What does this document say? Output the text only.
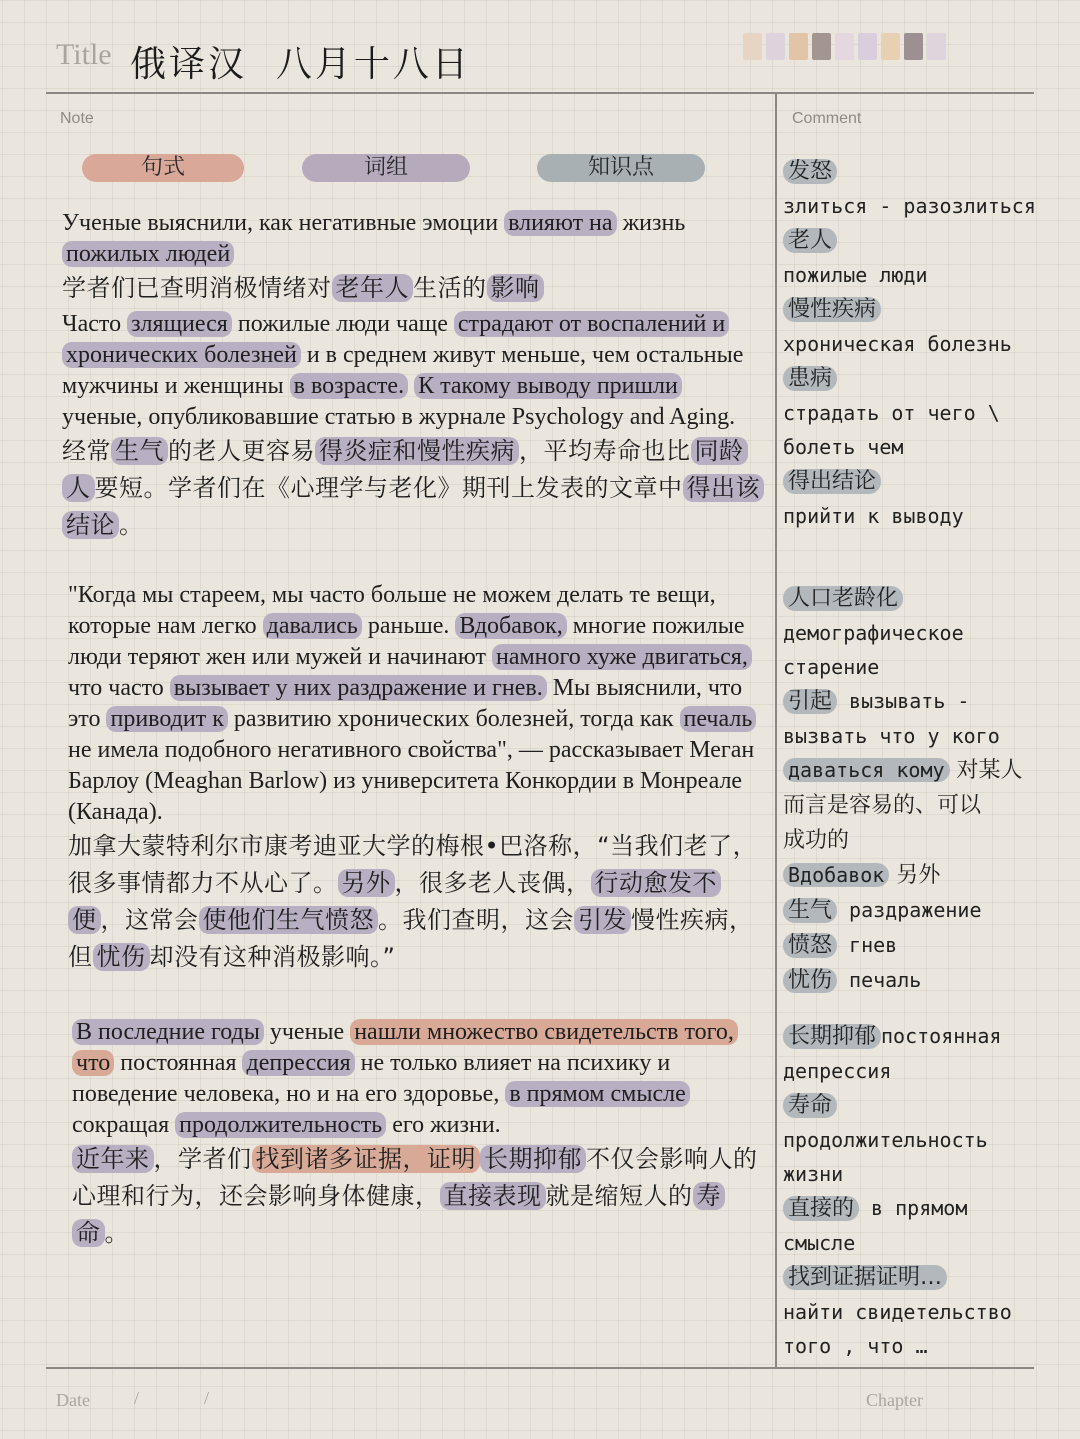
Title 俄译汉  八月十八日
Note	Comment
句式	词组	知识点

Ученые выяснили, как негативные эмоции влияют на жизнь пожилых людей

学者们已查明消极情绪对 老年人 生活的 影响

Часто злящиеся пожилые люди чаще страдают от воспалений и хронических болезней и в среднем живут меньше, чем остальные мужчины и женщины в возрасте. К такому выводу пришли ученые, опубликовавшие статью в журнале Psychology and Aging.

经常 生气 的老人更容易 得炎症和慢性疾病 ，平均寿命也比 同龄人 要短。学者们在《心理学与老化》期刊上发表的文章中 得出该结论 。

"Когда мы стареем, мы часто больше не можем делать те вещи, которые нам легко давались раньше. Вдобавок, многие пожилые люди теряют жен или мужей и начинают намного хуже двигаться, что часто вызывает у них раздражение и гнев. Мы выяснили, что это приводит к развитию хронических болезней, тогда как печаль не имела подобного негативного свойства", — рассказывает Меган Барлоу (Meaghan Barlow) из университета Конкордии в Монреале (Канада).

加拿大蒙特利尔市康考迪亚大学的梅根•巴洛称，“当我们老了，很多事情都力不从心了。 另外 ，很多老人丧偶， 行动愈发不便 ，这常会 使他们生气愤怒 。我们查明，这会 引发 慢性疾病，但 忧伤 却没有这种消极影响。”

В последние годы ученые нашли множество свидетельств того, что постоянная депрессия не только влияет на психику и поведение человека, но и на его здоровье, в прямом смысле сокращая продолжительность его жизни.

近年来 ，学者们 找到诸多证据，证明 长期抑郁 不仅会影响人的心理和行为，还会影响身体健康， 直接表现 就是缩短人的 寿命 。

发怒

злиться - разозлиться

老人

пожилые люди

慢性疾病

хроническая болезнь

患病

страдать от чего \

болеть чем

得出结论

прийти к выводу

人口老龄化

демографическое

старение

引起 вызывать -

вызвать что у кого

даваться кому 对某人

而言是容易的、可以

成功的

Вдобавок 另外

生气 раздражение

愤怒 гнев

忧伤 печаль

长期抑郁 постоянная

депрессия

寿命

продолжительность

жизни

直接的 в прямом

смысле

找到证据证明…

найти свидетельство

того , что …

Date /	/	Chapter
